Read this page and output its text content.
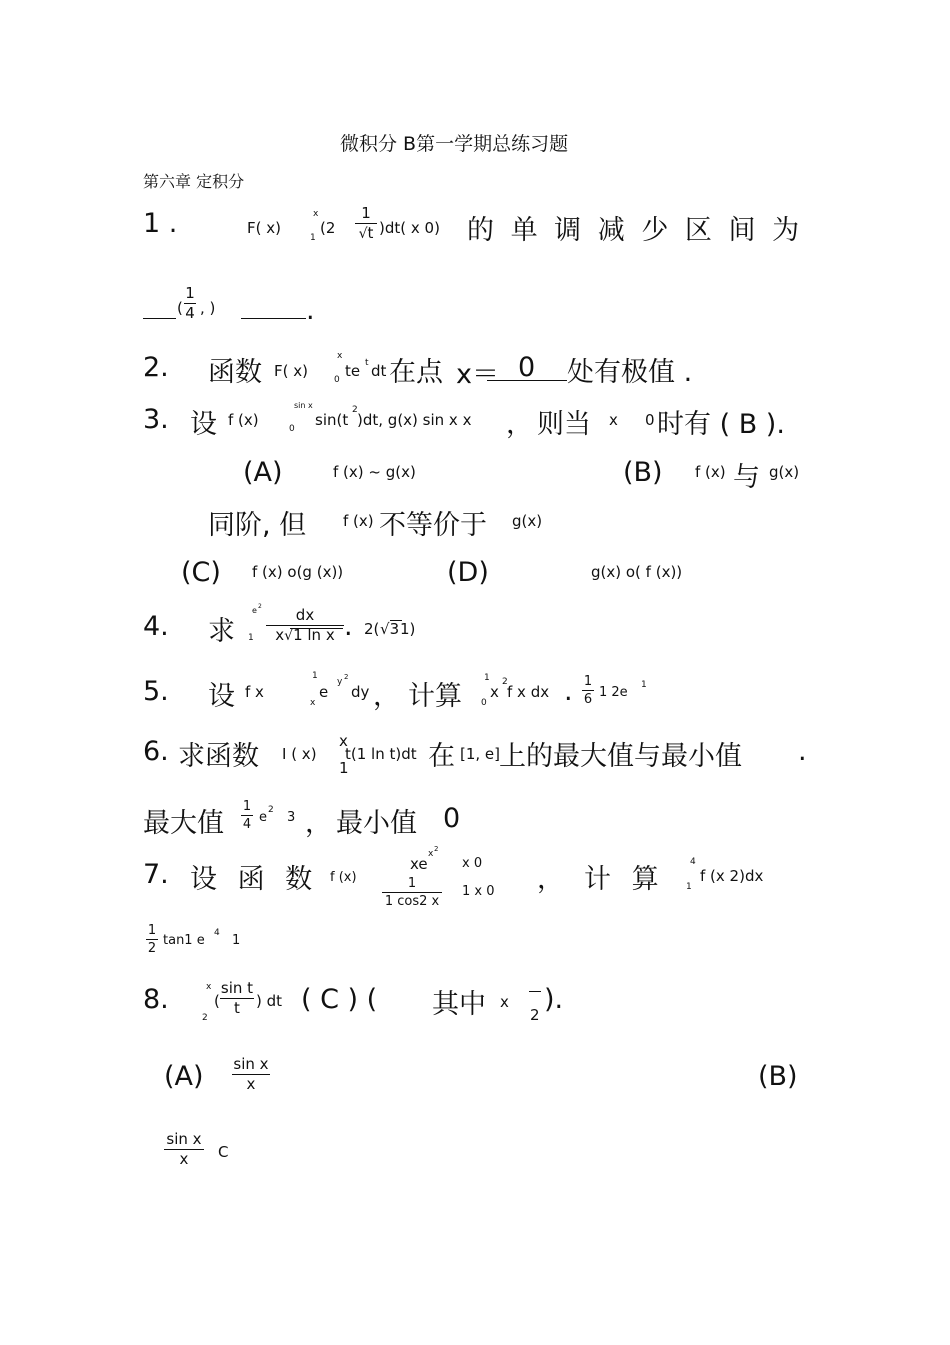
微积分 B第一学期总练习题
第六章 定积分
1 .	F( x)
x
1
(2
1
√t )dt( x 0) 的 单 调 减 少 区 间 为
(
1
4 , )	.
2. 函数 F( x)
x
0 te t dt 在点 x＝ 0 处有极值 .
3. 设 f (x)
sin x
0 sin(t
2
)dt, g(x) sin x x ， 则当 x 0 时有 ( B ).
(A)	f (x) ~ g(x)	(B) f (x) 与 g(x)
同阶, 但 f (x) 不等价于 g(x)
(C) f (x) o(g (x))	(D)	g(x) o( f (x))
4. 求
e 2
1
dx
x√1 ln x . 2( √3 1)
5. 设 f x
1
x
e
y 2
dy ， 计算
1
0
x
2
f x dx . 1
6 1 2e 1
6. 求函数 I ( x)
x
1
t(1 ln t)dt 在 [1, e]
上的最大值与最小值 .
最大值
1
4 e 2 3 ， 最小值 0
7. 设 函 数 f (x)
xe
x 2
x 0
1
1 cos2 x
1 x 0 ， 计 算
4
1
f (x 2)dx
1
2
tan1 e 4 1
8.	x
2
(
sin t
t	) dt ( C ) ( 其中 x
2 ).
(A) sin x
x	(B)
sin x
x	C
